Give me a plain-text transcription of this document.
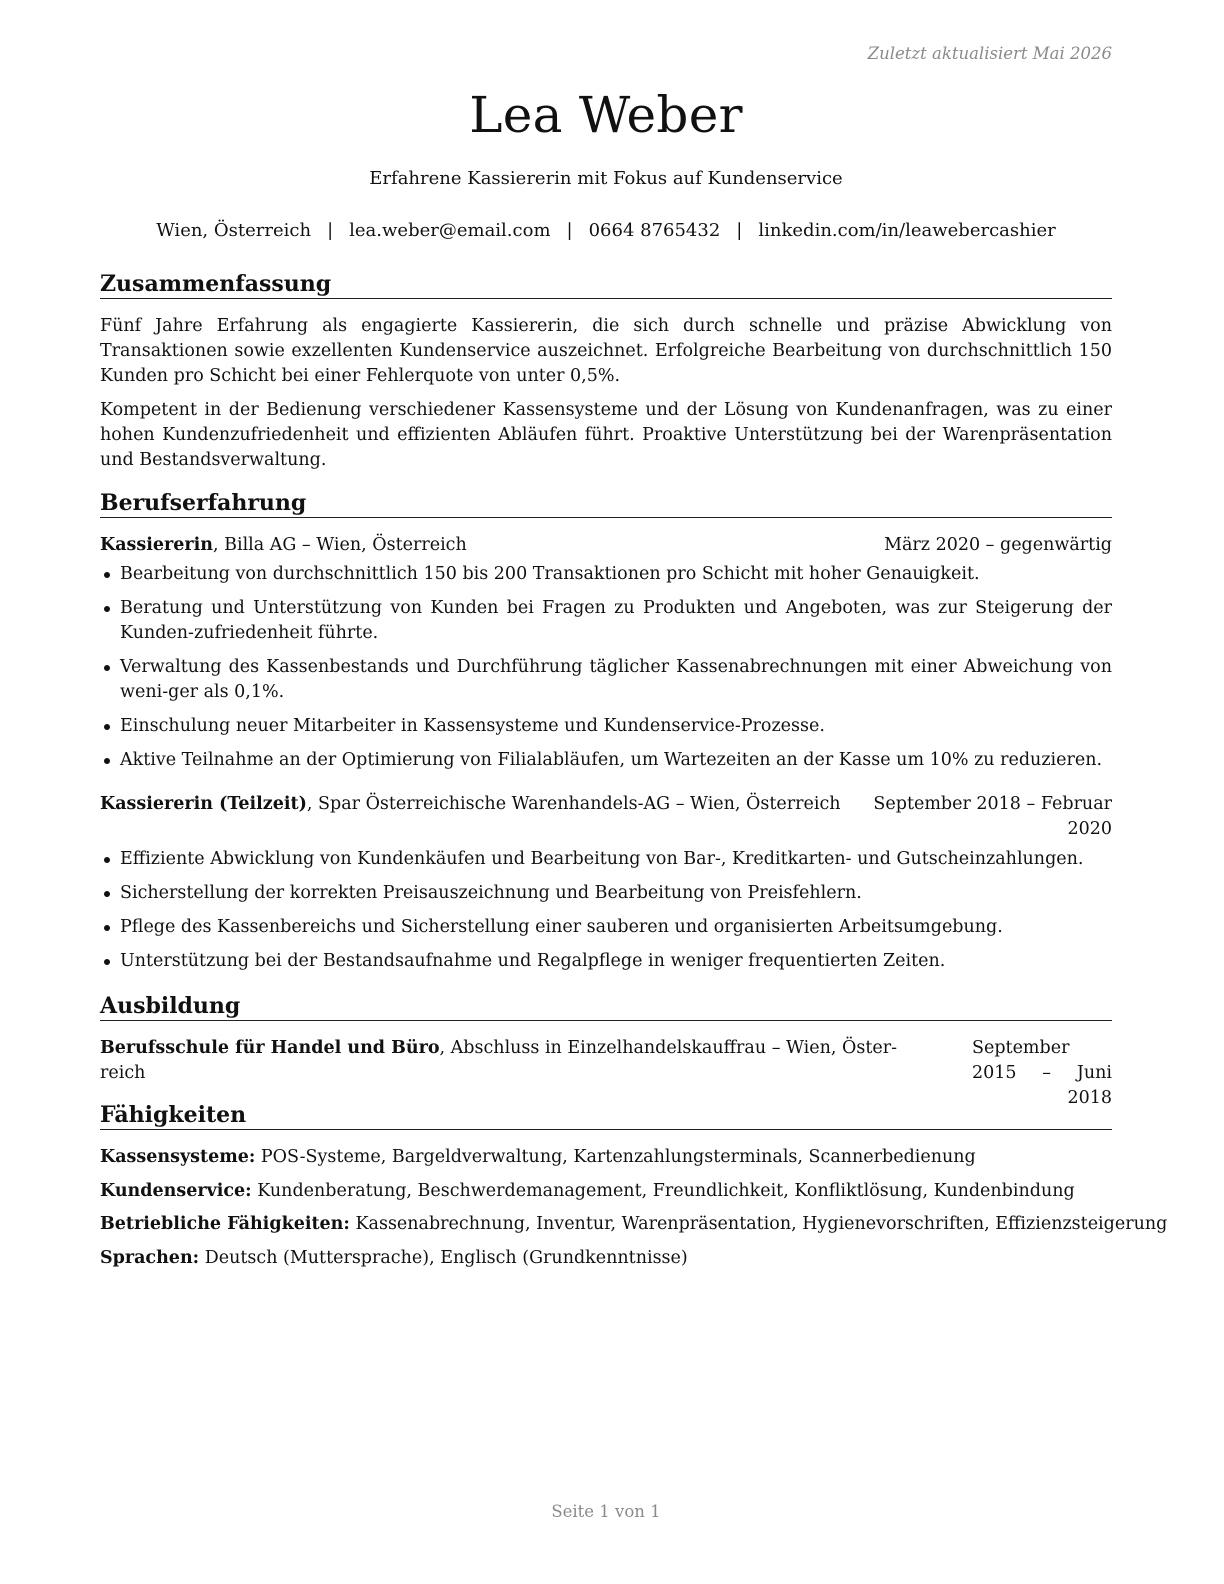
Zuletzt aktualisiert Mai 2026
Lea Weber
Erfahrene Kassiererin mit Fokus auf Kundenservice
Wien, Österreich | lea.weber@email.com | 0664 8765432 | linkedin.com/in/leawebercashier
Zusammenfassung
Fünf Jahre Erfahrung als engagierte Kassiererin, die sich durch schnelle und präzise Abwicklung von Transaktionen sowie exzellenten Kundenservice auszeichnet. Erfolgreiche Bearbeitung von durchschnittlich 150 Kunden pro Schicht bei einer Fehlerquote von unter 0,5%.
Kompetent in der Bedienung verschiedener Kassensysteme und der Lösung von Kundenanfragen, was zu einer hohen Kundenzufriedenheit und effizienten Abläufen führt. Proaktive Unterstützung bei der Warenpräsentation und Bestandsverwaltung.
Berufserfahrung
Kassiererin, Billa AG – Wien, Österreich	März 2020 – gegenwärtig
Bearbeitung von durchschnittlich 150 bis 200 Transaktionen pro Schicht mit hoher Genauigkeit.
Beratung und Unterstützung von Kunden bei Fragen zu Produkten und Angeboten, was zur Steigerung der Kunden-zufriedenheit führte.
Verwaltung des Kassenbestands und Durchführung täglicher Kassenabrechnungen mit einer Abweichung von weni-ger als 0,1%.
Einschulung neuer Mitarbeiter in Kassensysteme und Kundenservice-Prozesse.
Aktive Teilnahme an der Optimierung von Filialabläufen, um Wartezeiten an der Kasse um 10% zu reduzieren.
Kassiererin (Teilzeit), Spar Österreichische Warenhandels-AG – Wien, Österreich September 2018 – Februar
2020
Effiziente Abwicklung von Kundenkäufen und Bearbeitung von Bar-, Kreditkarten- und Gutscheinzahlungen.
Sicherstellung der korrekten Preisauszeichnung und Bearbeitung von Preisfehlern.
Pflege des Kassenbereichs und Sicherstellung einer sauberen und organisierten Arbeitsumgebung.
Unterstützung bei der Bestandsaufnahme und Regalpflege in weniger frequentierten Zeiten.
Ausbildung
Berufsschule für Handel und Büro, Abschluss in Einzelhandelskauffrau – Wien, Öster-
reich
September 2015 – Juni

2018
Fähigkeiten
Kassensysteme: POS-Systeme, Bargeldverwaltung, Kartenzahlungsterminals, Scannerbedienung
Kundenservice: Kundenberatung, Beschwerdemanagement, Freundlichkeit, Konfliktlösung, Kundenbindung
Betriebliche Fähigkeiten: Kassenabrechnung, Inventur, Warenpräsentation, Hygienevorschriften, Effizienzsteigerung
Sprachen: Deutsch (Muttersprache), Englisch (Grundkenntnisse)
Seite 1 von 1
